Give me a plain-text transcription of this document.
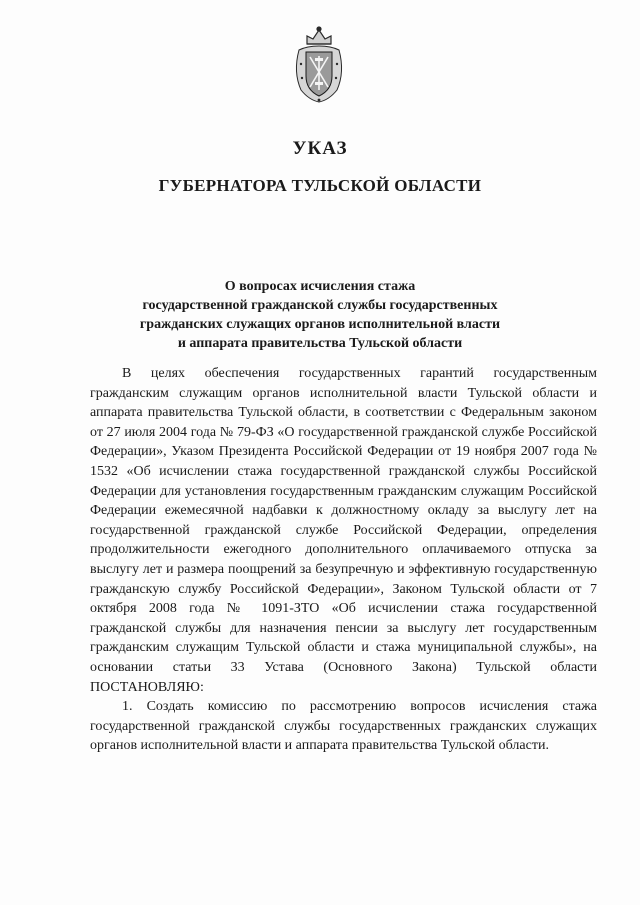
УКАЗ
ГУБЕРНАТОРА ТУЛЬСКОЙ ОБЛАСТИ
О вопросах исчисления стажа
государственной гражданской службы государственных
гражданских служащих органов исполнительной власти
и аппарата правительства Тульской области

В целях обеспечения государственных гарантий государственным гражданским служащим органов исполнительной власти Тульской области и аппарата правительства Тульской области, в соответствии с Федеральным законом от 27 июля 2004 года № 79-ФЗ «О государственной гражданской службе Российской Федерации», Указом Президента Российской Федерации от 19 ноября 2007 года № 1532 «Об исчислении стажа государственной гражданской службы Российской Федерации для установления государственным гражданским служащим Российской Федерации ежемесячной надбавки к должностному окладу за выслугу лет на государственной гражданской службе Российской Федерации, определения продолжительности ежегодного дополнительного оплачиваемого отпуска за выслугу лет и размера поощрений за безупречную и эффективную государственную гражданскую службу Российской Федерации», Законом Тульской области от 7 октября 2008 года № 1091-ЗТО «Об исчислении стажа государственной гражданской службы для назначения пенсии за выслугу лет государственным гражданским служащим Тульской области и стажа муниципальной службы», на основании статьи 33 Устава (Основного Закона) Тульской области ПОСТАНОВЛЯЮ:

1. Создать комиссию по рассмотрению вопросов исчисления стажа государственной гражданской службы государственных гражданских служащих органов исполнительной власти и аппарата правительства Тульской области.
